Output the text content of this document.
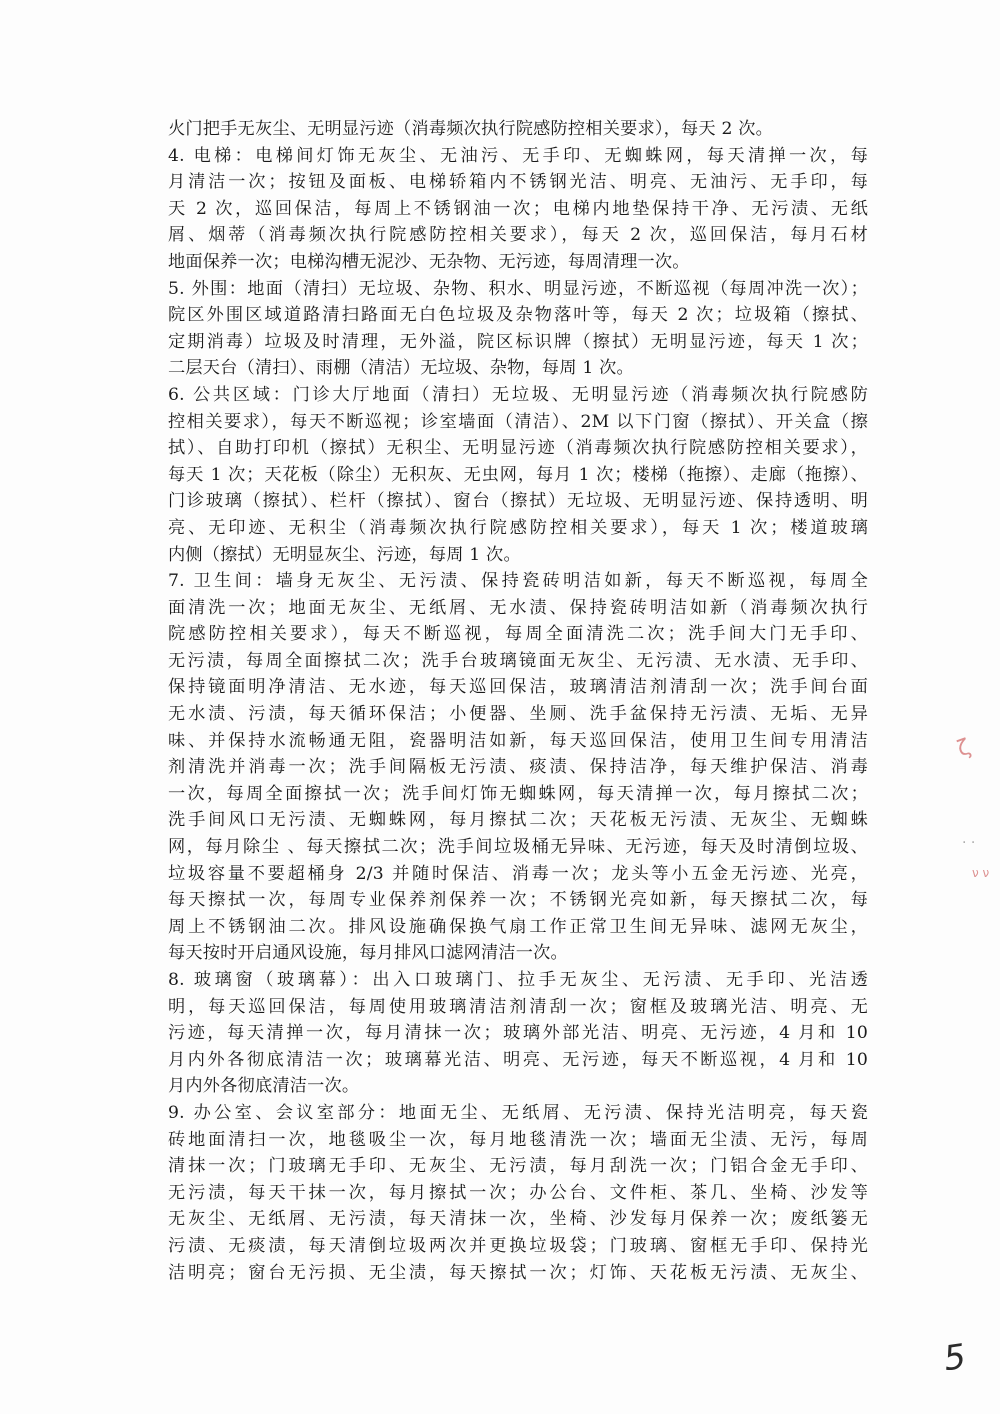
火门把手无灰尘、无明显污迹（消毒频次执行院感防控相关要求），每天 2 次。
4. 电梯：电梯间灯饰无灰尘、无油污、无手印、无蜘蛛网，每天清掸一次，每
月清洁一次；按钮及面板、电梯轿箱内不锈钢光洁、明亮、无油污、无手印，每
天 2 次，巡回保洁，每周上不锈钢油一次；电梯内地垫保持干净、无污渍、无纸
屑、烟蒂（消毒频次执行院感防控相关要求），每天 2 次，巡回保洁，每月石材
地面保养一次；电梯沟槽无泥沙、无杂物、无污迹，每周清理一次。
5. 外围：地面（清扫）无垃圾、杂物、积水、明显污迹，不断巡视（每周冲洗一次）；
院区外围区域道路清扫路面无白色垃圾及杂物落叶等，每天 2 次；垃圾箱（擦拭、
定期消毒）垃圾及时清理，无外溢，院区标识牌（擦拭）无明显污迹，每天 1 次；
二层天台（清扫）、雨棚（清洁）无垃圾、杂物，每周 1 次。
6. 公共区域：门诊大厅地面（清扫）无垃圾、无明显污迹（消毒频次执行院感防
控相关要求），每天不断巡视；诊室墙面（清洁）、2M 以下门窗（擦拭）、开关盒（擦
拭）、自助打印机（擦拭）无积尘、无明显污迹（消毒频次执行院感防控相关要求），
每天 1 次；天花板（除尘）无积灰、无虫网，每月 1 次；楼梯（拖擦）、走廊（拖擦）、
门诊玻璃（擦拭）、栏杆（擦拭）、窗台（擦拭）无垃圾、无明显污迹、保持透明、明
亮、无印迹、无积尘（消毒频次执行院感防控相关要求），每天 1 次；楼道玻璃
内侧（擦拭）无明显灰尘、污迹，每周 1 次。
7. 卫生间：墙身无灰尘、无污渍、保持瓷砖明洁如新，每天不断巡视，每周全
面清洗一次；地面无灰尘、无纸屑、无水渍、保持瓷砖明洁如新（消毒频次执行
院感防控相关要求），每天不断巡视，每周全面清洗二次；洗手间大门无手印、
无污渍，每周全面擦拭二次；洗手台玻璃镜面无灰尘、无污渍、无水渍、无手印、
保持镜面明净清洁、无水迹，每天巡回保洁，玻璃清洁剂清刮一次；洗手间台面
无水渍、污渍，每天循环保洁；小便器、坐厕、洗手盆保持无污渍、无垢、无异
味、并保持水流畅通无阻，瓷器明洁如新，每天巡回保洁，使用卫生间专用清洁
剂清洗并消毒一次；洗手间隔板无污渍、痰渍、保持洁净，每天维护保洁、消毒
一次，每周全面擦拭一次；洗手间灯饰无蜘蛛网，每天清掸一次，每月擦拭二次；
洗手间风口无污渍、无蜘蛛网，每月擦拭二次；天花板无污渍、无灰尘、无蜘蛛
网，每月除尘 、每天擦拭二次；洗手间垃圾桶无异味、无污迹，每天及时清倒垃圾、
垃圾容量不要超桶身 2/3 并随时保洁、消毒一次；龙头等小五金无污迹、光亮，
每天擦拭一次，每周专业保养剂保养一次；不锈钢光亮如新，每天擦拭二次，每
周上不锈钢油二次。排风设施确保换气扇工作正常卫生间无异味、滤网无灰尘，
每天按时开启通风设施，每月排风口滤网清洁一次。
8. 玻璃窗（玻璃幕）：出入口玻璃门、拉手无灰尘、无污渍、无手印、光洁透
明，每天巡回保洁，每周使用玻璃清洁剂清刮一次；窗框及玻璃光洁、明亮、无
污迹，每天清掸一次，每月清抹一次；玻璃外部光洁、明亮、无污迹，4 月和 10
月内外各彻底清洁一次；玻璃幕光洁、明亮、无污迹，每天不断巡视，4 月和 10
月内外各彻底清洁一次。
9. 办公室、会议室部分：地面无尘、无纸屑、无污渍、保持光洁明亮，每天瓷
砖地面清扫一次，地毯吸尘一次，每月地毯清洗一次；墙面无尘渍、无污，每周
清抹一次；门玻璃无手印、无灰尘、无污渍，每月刮洗一次；门铝合金无手印、
无污渍，每天干抹一次，每月擦拭一次；办公台、文件柜、茶几、坐椅、沙发等
无灰尘、无纸屑、无污渍，每天清抹一次，坐椅、沙发每月保养一次；废纸篓无
污渍、无痰渍，每天清倒垃圾两次并更换垃圾袋；门玻璃、窗框无手印、保持光
洁明亮；窗台无污损、无尘渍，每天擦拭一次；灯饰、天花板无污渍、无灰尘、
ζ
· ·
ν ν
5
